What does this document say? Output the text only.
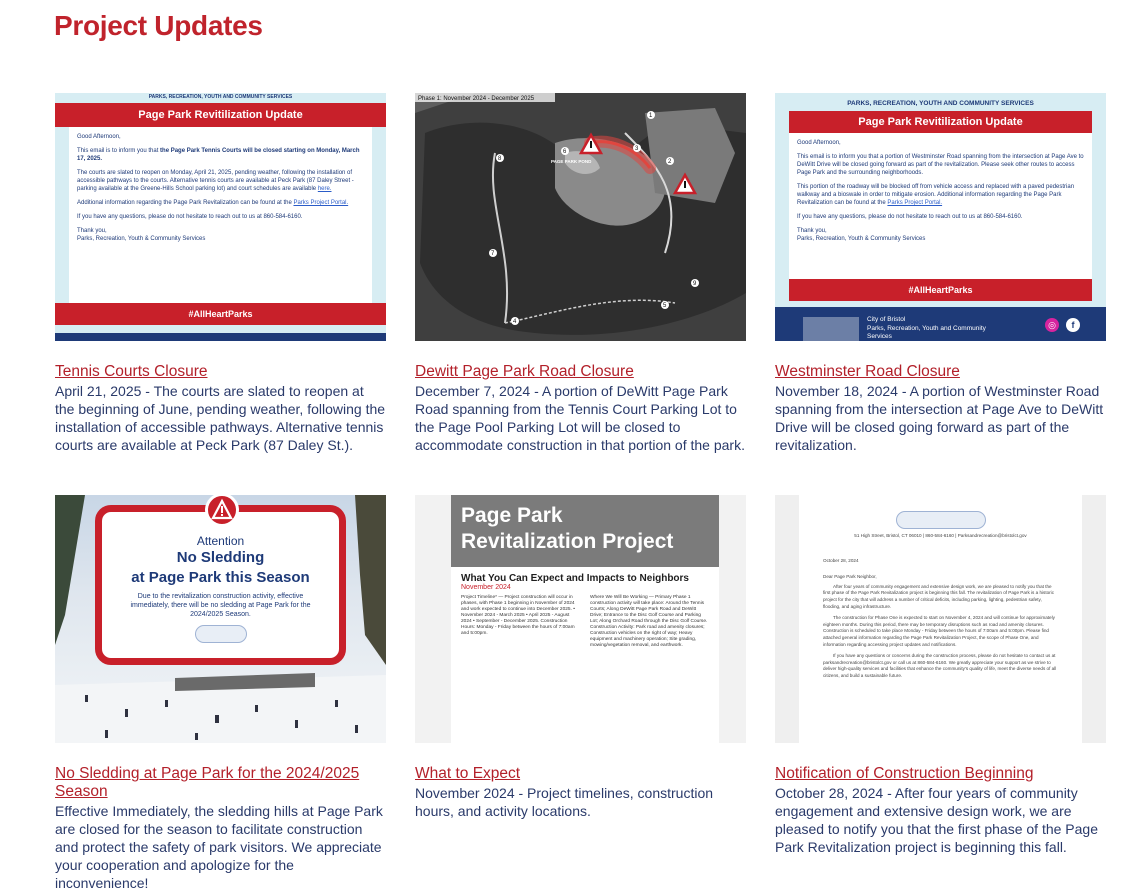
Project Updates
PARKS, RECREATION, YOUTH AND COMMUNITY SERVICES
Page Park Revitilization Update

Good Afternoon,

This email is to inform you that the Page Park Tennis Courts will be closed starting on Monday, March 17, 2025.

The courts are slated to reopen on Monday, April 21, 2025, pending weather, following the installation of accessible pathways to the courts. Alternative tennis courts are available at Peck Park (87 Daley Street - parking available at the Greene-Hills School parking lot) and court schedules are available here.

Additional information regarding the Page Park Revitalization can be found at the Parks Project Portal.

If you have any questions, please do not hesitate to reach out to us at 860-584-6160.

Thank you,
Parks, Recreation, Youth & Community Services

#AllHeartParks
Tennis Courts Closure

April 21, 2025 - The courts are slated to reopen at the beginning of June, pending weather, following the installation of accessible pathways. Alternative tennis courts are available at Peck Park (87 Daley St.).

1
2
3
4
5
6
7
8
9
PAGE PARK POND
Phase 1: November 2024 - December 2025
Dewitt Page Park Road Closure

December 7, 2024 - A portion of DeWitt Page Park Road spanning from the Tennis Court Parking Lot to the Page Pool Parking Lot will be closed to accommodate construction in that portion of the park.

PARKS, RECREATION, YOUTH AND COMMUNITY SERVICES
Page Park Revitilization Update

Good Afternoon,

This email is to inform you that a portion of Westminster Road spanning from the intersection at Page Ave to DeWitt Drive will be closed going forward as part of the revitalization. Please seek other routes to access Page Park and the surrounding neighborhoods.

This portion of the roadway will be blocked off from vehicle access and replaced with a paved pedestrian walkway and a bioswale in order to mitigate erosion. Additional information regarding the Page Park Revitalization can be found at the Parks Project Portal.

If you have any questions, please do not hesitate to reach out to us at 860-584-6160.

Thank you,
Parks, Recreation, Youth & Community Services

#AllHeartParks
City of Bristol
Parks, Recreation, Youth and Community Services
◎	f
Westminster Road Closure

November 18, 2024 - A portion of Westminster Road spanning from the intersection at Page Ave to DeWitt Drive will be closed going forward as part of the revitalization.

Attention
No Sledding
at Page Park this Season
Due to the revitalization construction activity, effective immediately, there will be no sledding at Page Park for the 2024/2025 Season.
No Sledding at Page Park for the 2024/2025 Season

Effective Immediately, the sledding hills at Page Park are closed for the season to facilitate construction and protect the safety of park visitors. We appreciate your cooperation and apologize for the inconvenience!

Page Park
Revitalization Project
What You Can Expect and Impacts to Neighbors
November 2024
Project Timeline* — Project construction will occur in phases, with Phase 1 beginning in November of 2024 and work expected to continue into December 2025. • November 2024 - March 2025 • April 2025 - August 2024 • September - December 2025. Construction Hours: Monday - Friday between the hours of 7:00am and 5:00pm.
Where We Will Be Working — Primary Phase 1 construction activity will take place: Around the Tennis Courts; Along DeWitt Page Park Road and DeWitt Drive; Entrance to the Disc Golf Course and Parking Lot; Along Orchard Road through the Disc Golf Course. Construction Activity: Park road and amenity closures; Construction vehicles on the right of way; Heavy equipment and machinery operation; Site grading, mowing/vegetation removal, and earthwork.
What to Expect

November 2024 - Project timelines, construction hours, and activity locations.

51 High Street, Bristol, CT 06010 | 860-584-6160 | Parksandrecreation@bristolct.gov
October 28, 2024
Dear Page Park Neighbor,

After four years of community engagement and extensive design work, we are pleased to notify you that the first phase of the Page Park Revitalization project is beginning this fall. The revitalization of Page Park is a historic project for the city that will address a number of critical deficits, including parking, lighting, pedestrian safety, flooding, and aging infrastructure.

The construction for Phase One is expected to start on November 4, 2024 and will continue for approximately eighteen months. During this period, there may be temporary disruptions such as road and amenity closures. Construction is scheduled to take place Monday - Friday between the hours of 7:00am and 5:00pm. Please find attached general information regarding the Page Park Revitalization Project, the scope of Phase One, and information regarding accessing project updates and notifications.

If you have any questions or concerns during the construction process, please do not hesitate to contact us at parksandrecreation@bristolct.gov or call us at 860-584-6160. We greatly appreciate your support as we strive to deliver high-quality services and facilities that enhance the community's quality of life, meet the diverse needs of all citizens, and build a sustainable future.

Notification of Construction Beginning

October 28, 2024 - After four years of community engagement and extensive design work, we are pleased to notify you that the first phase of the Page Park Revitalization project is beginning this fall.
